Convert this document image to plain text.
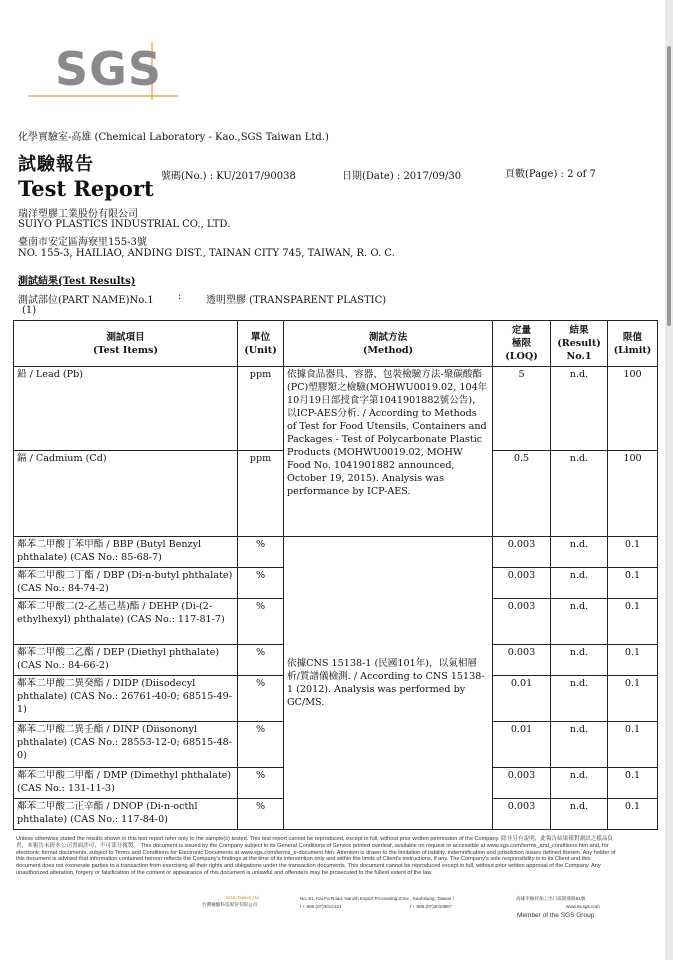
SGS
化學實驗室-高雄 (Chemical Laboratory - Kao.,SGS Taiwan Ltd.)
試驗報告
Test Report 號碼(No.) : KU/2017/90038	日期(Date) : 2017/09/30	頁數(Page) : 2 of 7
瑞洋塑膠工業股份有限公司
SUIYO PLASTICS INDUSTRIAL CO., LTD.
臺南市安定區海寮里155-3號
NO. 155-3, HAILIAO, ANDING DIST., TAINAN CITY 745, TAIWAN, R. O. C.
測試結果(Test Results)
測試部位(PART NAME)No.1 : 透明塑膠 (TRANSPARENT PLASTIC)
(1)
測試項目
(Test Items)	單位
(Unit)	測試方法
(Method)	定量
極限
(LOQ)	結果
(Result)
No.1	限值
(Limit)
鉛 / Lead (Pb)	ppm	依據食品器具、容器、包裝檢驗方法-聚碳酸酯(PC)塑膠類之檢驗(MOHWU0019.02, 104年10月19日部授食字第1041901882號公告)，以ICP-AES分析. / According to Methods of Test for Food Utensils, Containers and Packages - Test of Polycarbonate Plastic Products (MOHWU0019.02, MOHW Food No. 1041901882 announced, October 19, 2015). Analysis was performance by ICP-AES.	5	n.d.	100
鎘 / Cadmium (Cd)	ppm		0.5	n.d.	100
鄰苯二甲酸丁苯甲酯 / BBP (Butyl Benzyl phthalate) (CAS No.: 85-68-7)	%	依據CNS 15138-1 (民國101年)，以氣相層析/質譜儀檢測. / According to CNS 15138-1 (2012). Analysis was performed by GC/MS.	0.003	n.d.	0.1
鄰苯二甲酸二丁酯 / DBP (Di-n-butyl phthalate) (CAS No.: 84-74-2)	%		0.003	n.d.	0.1
鄰苯二甲酸二(2-乙基己基)酯 / DEHP (Di-(2-ethylhexyl) phthalate) (CAS No.: 117-81-7)	%		0.003	n.d.	0.1
鄰苯二甲酸二乙酯 / DEP (Diethyl phthalate) (CAS No.: 84-66-2)	%		0.003	n.d.	0.1
鄰苯二甲酸二異癸酯 / DIDP (Diisodecyl phthalate) (CAS No.: 26761-40-0; 68515-49-1)	%		0.01	n.d.	0.1
鄰苯二甲酸二異壬酯 / DINP (Diisononyl phthalate) (CAS No.: 28553-12-0; 68515-48-0)	%		0.01	n.d.	0.1
鄰苯二甲酸二甲酯 / DMP (Dimethyl phthalate) (CAS No.: 131-11-3)	%		0.003	n.d.	0.1
鄰苯二甲酸二正辛酯 / DNOP (Di-n-octhl phthalate) (CAS No.: 117-84-0)	%		0.003	n.d.	0.1
Unless otherwise stated the results shown in this test report refer only to the sample(s) tested. This test report cannot be reproduced, except in full, without prior written permission of the Company. 除非另有說明，此報告結果僅對測試之樣品負責，本報告未經本公司書面許可，不可部分複製。 This document is issued by the Company subject to its General Conditions of Service printed overleaf, available on request or accessible at www.sgs.com/terms_and_conditions.htm and, for electronic format documents, subject to Terms and Conditions for Electronic Documents at www.sgs.com/terms_e-document.htm. Attention is drawn to the limitation of liability, indemnification and jurisdiction issues defined therein. Any holder of this document is advised that information contained hereon reflects the Company's findings at the time of its intervention only and within the limits of Client's instructions, if any. The Company's sole responsibility is to its Client and this document does not exonerate parties to a transaction from exercising all their rights and obligations under the transaction documents. This document cannot be reproduced except in full, without prior written approval of the Company. Any unauthorized alteration, forgery or falsification of the content or appearance of this document is unlawful and offenders may be prosecuted to the fullest extent of the law.
SGS Taiwan Ltd.
台灣檢驗科技股份有限公司
No. 61, Kai-Fa Road, Nanzih Export Processing Zone , Kaohsiung, Taiwan /	高雄市楠梓加工出口區開發路61號
t + 886 (07)3012121	f + 886 (07)3010867	www.tw.sgs.com
Member of the SGS Group
